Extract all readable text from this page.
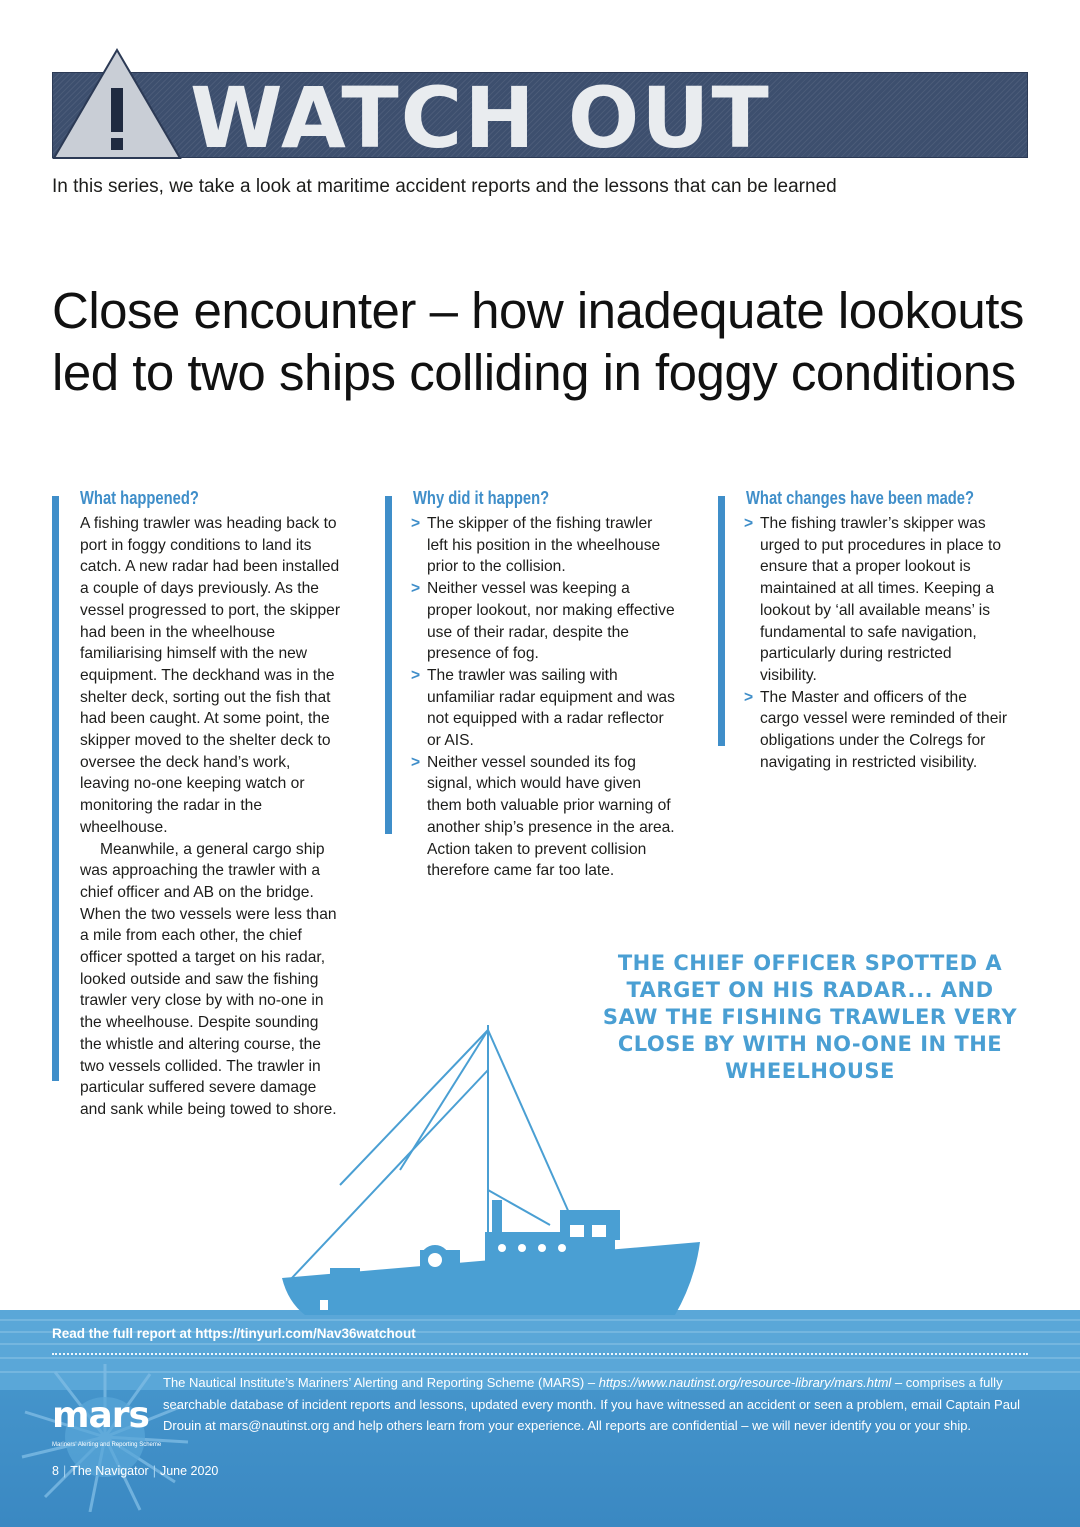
WATCH OUT
In this series, we take a look at maritime accident reports and the lessons that can be learned
Close encounter – how inadequate lookouts led to two ships colliding in foggy conditions
What happened?

A fishing trawler was heading back to port in foggy conditions to land its catch. A new radar had been installed a couple of days previously. As the vessel progressed to port, the skipper had been in the wheelhouse familiarising himself with the new equipment. The deckhand was in the shelter deck, sorting out the fish that had been caught. At some point, the skipper moved to the shelter deck to oversee the deck hand’s work, leaving no-one keeping watch or monitoring the radar in the wheelhouse.

Meanwhile, a general cargo ship was approaching the trawler with a chief officer and AB on the bridge. When the two vessels were less than a mile from each other, the chief officer spotted a target on his radar, looked outside and saw the fishing trawler very close by with no-one in the wheelhouse. Despite sounding the whistle and altering course, the two vessels collided. The trawler in particular suffered severe damage and sank while being towed to shore.

Why did it happen?
> The skipper of the fishing trawler left his position in the wheelhouse prior to the collision.
> Neither vessel was keeping a proper lookout, nor making effective use of their radar, despite the presence of fog.
> The trawler was sailing with unfamiliar radar equipment and was not equipped with a radar reflector or AIS.
> Neither vessel sounded its fog signal, which would have given them both valuable prior warning of another ship’s presence in the area. Action taken to prevent collision therefore came far too late.
What changes have been made?
> The fishing trawler’s skipper was urged to put procedures in place to ensure that a proper lookout is maintained at all times. Keeping a lookout by ‘all available means’ is fundamental to safe navigation, particularly during restricted visibility.
> The Master and officers of the cargo vessel were reminded of their obligations under the Colregs for navigating in restricted visibility.
THE CHIEF OFFICER SPOTTED A TARGET ON HIS RADAR... AND SAW THE FISHING TRAWLER VERY CLOSE BY WITH NO-ONE IN THE WHEELHOUSE
Read the full report at https://tinyurl.com/Nav36watchout
mars
Mariners' Alerting and Reporting Scheme
The Nautical Institute’s Mariners’ Alerting and Reporting Scheme (MARS) – https://www.nautinst.org/resource-library/mars.html – comprises a fully searchable database of incident reports and lessons, updated every month. If you have witnessed an accident or seen a problem, email Captain Paul Drouin at mars@nautinst.org and help others learn from your experience. All reports are confidential – we will never identify you or your ship.
8 | The Navigator | June 2020
